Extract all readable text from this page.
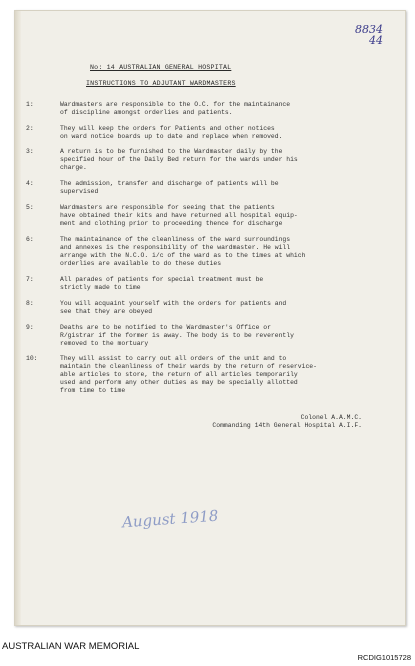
8834
44
No: 14 AUSTRALIAN GENERAL HOSPITAL
INSTRUCTIONS TO ADJUTANT WARDMASTERS
1:	Wardmasters are responsible to the O.C. for the maintainance
of discipline amongst orderlies and patients.
2:	They will keep the orders for Patients and other notices
on ward notice boards up to date and replace when removed.
3:	A return is to be furnished to the Wardmaster daily by the
specified hour of the Daily Bed return for the wards under his
charge.
4:	The admission, transfer and discharge of patients will be
supervised
5:	Wardmasters are responsible for seeing that the patients
have obtained their kits and have returned all hospital equip-
ment and clothing prior to proceeding thence for discharge
6:	The maintainance of the cleanliness of the ward surroundings
and annexes is the responsibility of the wardmaster. He will
arrange with the N.C.O. i/c of the ward as to the times at which
orderlies are available to do these duties
7:	All parades of patients for special treatment must be
strictly made to time
8:	You will acquaint yourself with the orders for patients and
see that they are obeyed
9:	Deaths are to be notified to the Wardmaster's Office or
R/gistrar if the former is away. The body is to be reverently
removed to the mortuary
10:	They will assist to carry out all orders of the unit and to
maintain the cleanliness of their wards by the return of reservice-
able articles to store, the return of all articles temporarily
used and perform any other duties as may be specially allotted
from time to time
Colonel A.A.M.C.
Commanding 14th General Hospital A.I.F.
August 1918
AUSTRALIAN WAR MEMORIAL
RCDIG1015728
